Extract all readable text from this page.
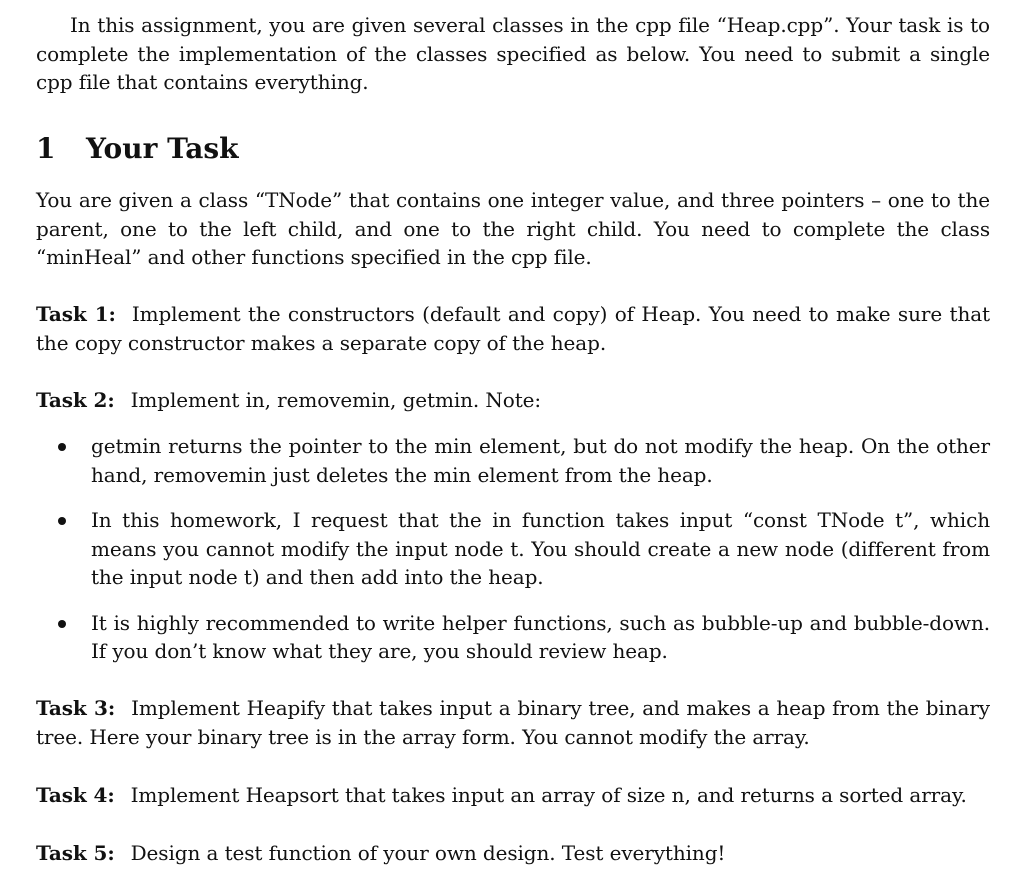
In this assignment, you are given several classes in the cpp file “Heap.cpp”. Your task is to complete the implementation of the classes specified as below. You need to submit a single cpp file that contains everything.

1 Your Task

You are given a class “TNode” that contains one integer value, and three pointers – one to the parent, one to the left child, and one to the right child. You need to complete the class “minHeal” and other functions specified in the cpp file.

Task 1: Implement the constructors (default and copy) of Heap. You need to make sure that the copy constructor makes a separate copy of the heap.

Task 2: Implement in, removemin, getmin. Note:

getmin returns the pointer to the min element, but do not modify the heap. On the other hand, removemin just deletes the min element from the heap.
In this homework, I request that the in function takes input “const TNode t”, which means you cannot modify the input node t. You should create a new node (different from the input node t) and then add into the heap.
It is highly recommended to write helper functions, such as bubble-up and bubble-down. If you don’t know what they are, you should review heap.

Task 3: Implement Heapify that takes input a binary tree, and makes a heap from the binary tree. Here your binary tree is in the array form. You cannot modify the array.

Task 4: Implement Heapsort that takes input an array of size n, and returns a sorted array.

Task 5: Design a test function of your own design. Test everything!
